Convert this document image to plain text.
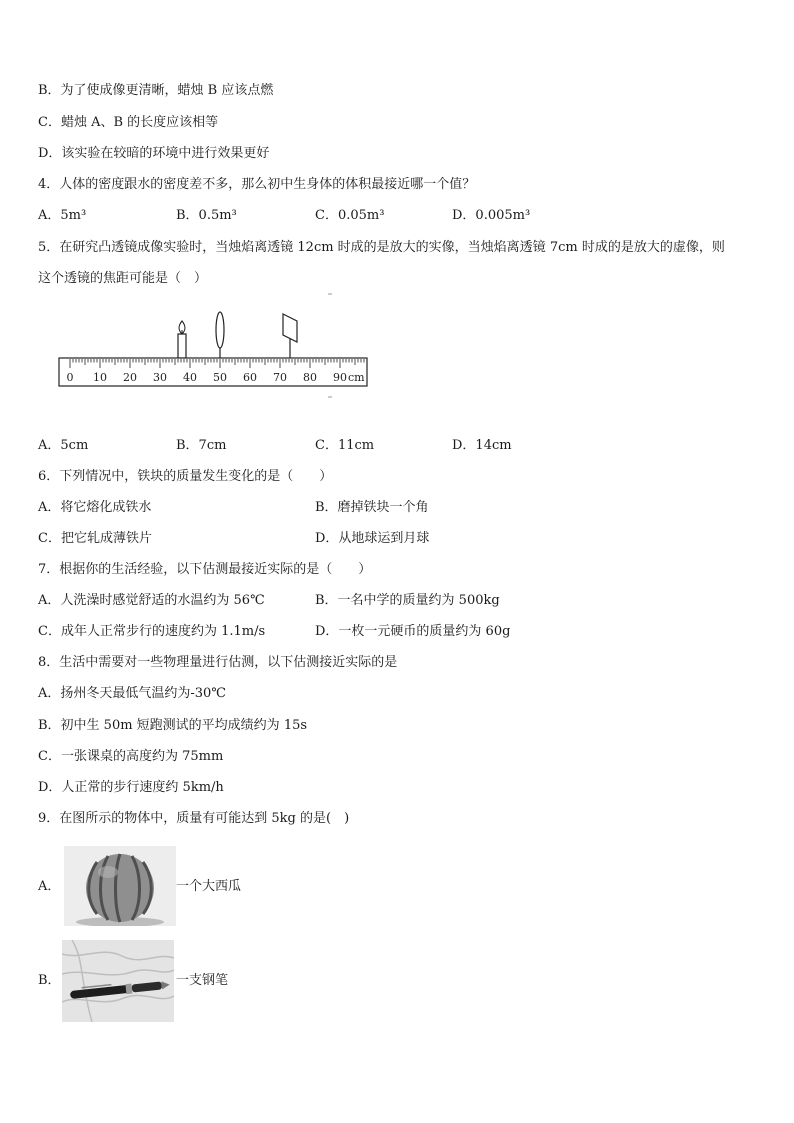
B．为了使成像更清晰，蜡烛 B 应该点燃
C．蜡烛 A、B 的长度应该相等
D．该实验在较暗的环境中进行效果更好
4．人体的密度跟水的密度差不多，那么初中生身体的体积最接近哪一个值？
A．5m³	B．0.5m³	C．0.05m³	D．0.005m³
5．在研究凸透镜成像实验时，当烛焰离透镜 12cm 时成的是放大的实像，当烛焰离透镜 7cm 时成的是放大的虚像，则
这个透镜的焦距可能是（　）
0 10 20 30 40 50 60 70 80 90 cm
A．5cm	B．7cm	C．11cm	D．14cm
6．下列情况中，铁块的质量发生变化的是（　　）
A．将它熔化成铁水	B．磨掉铁块一个角
C．把它轧成薄铁片	D．从地球运到月球
7．根据你的生活经验，以下估测最接近实际的是（　　）
A．人洗澡时感觉舒适的水温约为 56℃	B．一名中学的质量约为 500kg
C．成年人正常步行的速度约为 1.1m/s	D．一枚一元硬币的质量约为 60g
8．生活中需要对一些物理量进行估测，以下估测接近实际的是
A．扬州冬天最低气温约为-30℃
B．初中生 50m 短跑测试的平均成绩约为 15s
C．一张课桌的高度约为 75mm
D．人正常的步行速度约 5km/h
9．在图所示的物体中，质量有可能达到 5kg 的是(　)
A．	一个大西瓜
B．	一支钢笔
